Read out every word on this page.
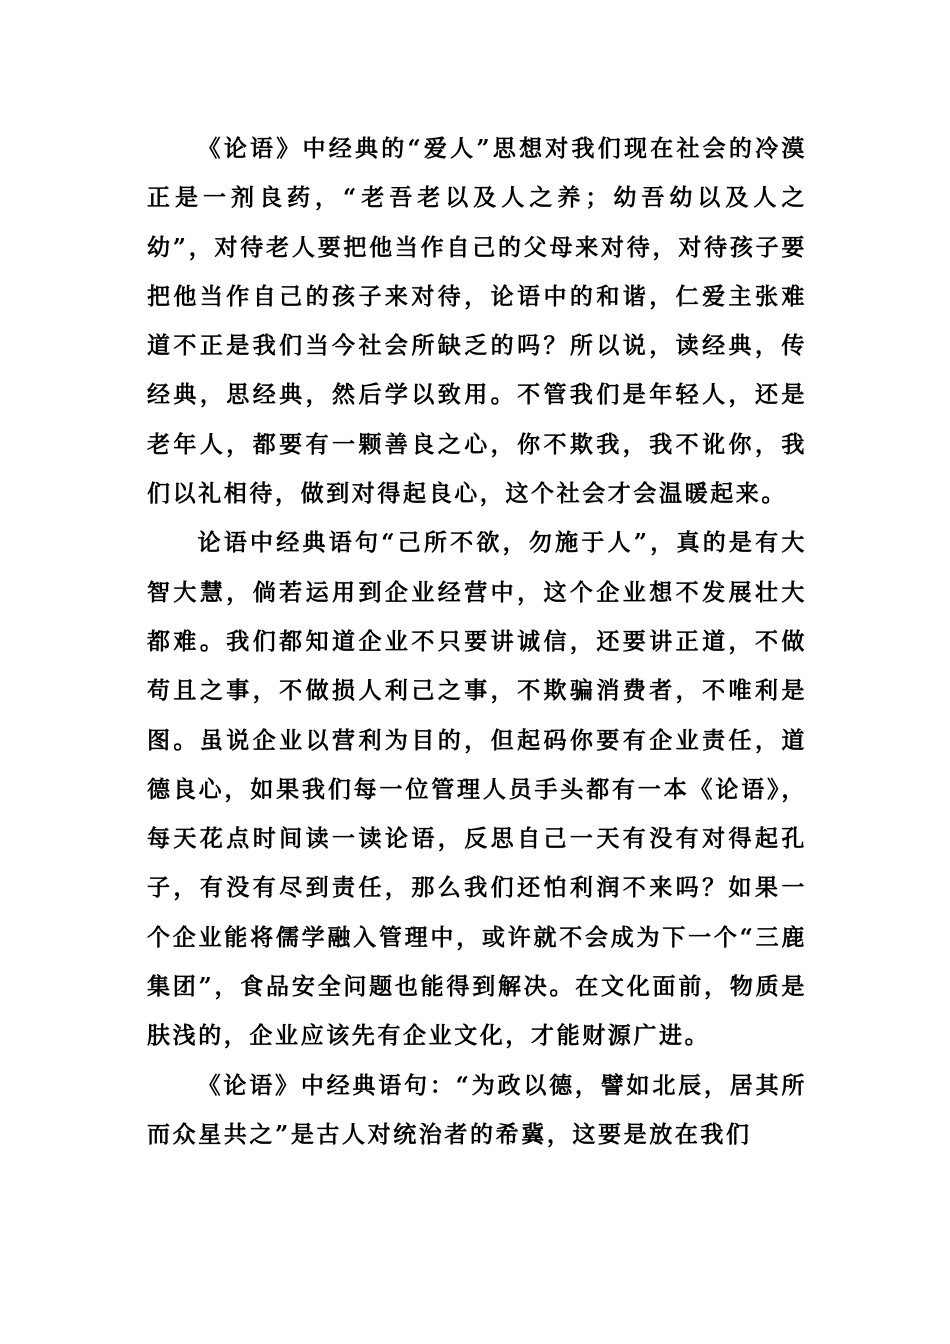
《论语》中经典的“爱人”思想对我们现在社会的冷漠正是一剂良药，“老吾老以及人之养；幼吾幼以及人之幼”，对待老人要把他当作自己的父母来对待，对待孩子要把他当作自己的孩子来对待，论语中的和谐，仁爱主张难道不正是我们当今社会所缺乏的吗？所以说，读经典，传经典，思经典，然后学以致用。不管我们是年轻人，还是老年人，都要有一颗善良之心，你不欺我，我不讹你，我们以礼相待，做到对得起良心，这个社会才会温暖起来。

论语中经典语句“己所不欲，勿施于人”，真的是有大智大慧，倘若运用到企业经营中，这个企业想不发展壮大都难。我们都知道企业不只要讲诚信，还要讲正道，不做苟且之事，不做损人利己之事，不欺骗消费者，不唯利是图。虽说企业以营利为目的，但起码你要有企业责任，道德良心，如果我们每一位管理人员手头都有一本《论语》，每天花点时间读一读论语，反思自己一天有没有对得起孔子，有没有尽到责任，那么我们还怕利润不来吗？如果一个企业能将儒学融入管理中，或许就不会成为下一个“三鹿集团”，食品安全问题也能得到解决。在文化面前，物质是肤浅的，企业应该先有企业文化，才能财源广进。

《论语》中经典语句：“为政以德，譬如北辰，居其所而众星共之”是古人对统治者的希冀，这要是放在我们
